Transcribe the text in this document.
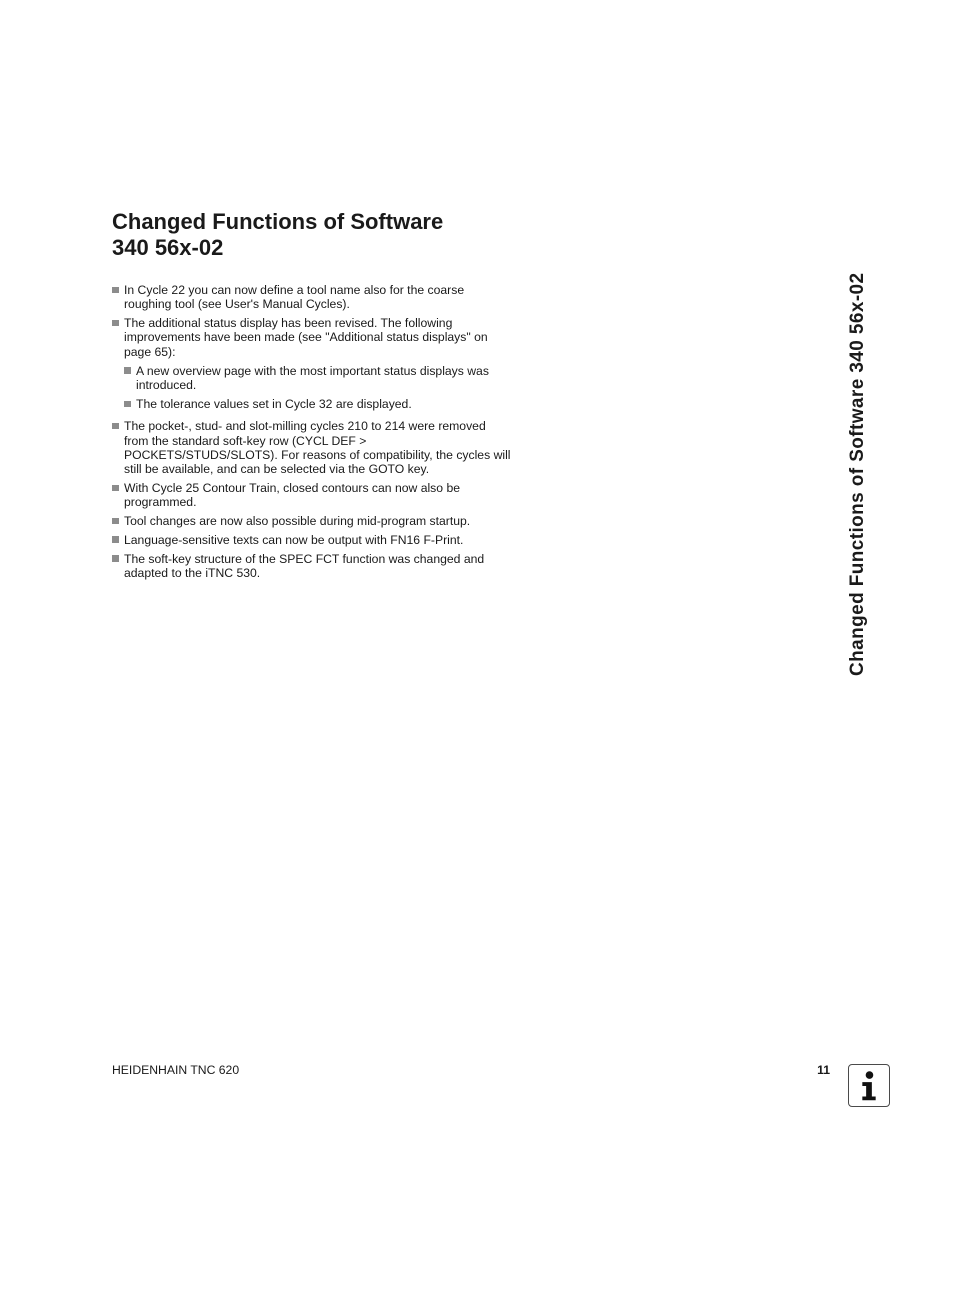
Changed Functions of Software
340 56x-02
In Cycle 22 you can now define a tool name also for the coarse roughing tool (see User's Manual Cycles).
The additional status display has been revised. The following improvements have been made (see "Additional status displays" on page 65):
A new overview page with the most important status displays was introduced.
The tolerance values set in Cycle 32 are displayed.
The pocket-, stud- and slot-milling cycles 210 to 214 were removed from the standard soft-key row (CYCL DEF > POCKETS/STUDS/SLOTS). For reasons of compatibility, the cycles will still be available, and can be selected via the GOTO key.
With Cycle 25 Contour Train, closed contours can now also be programmed.
Tool changes are now also possible during mid-program startup.
Language-sensitive texts can now be output with FN16 F-Print.
The soft-key structure of the SPEC FCT function was changed and adapted to the iTNC 530.	Changed Functions of Software 340 56x-02
HEIDENHAIN TNC 620	11
